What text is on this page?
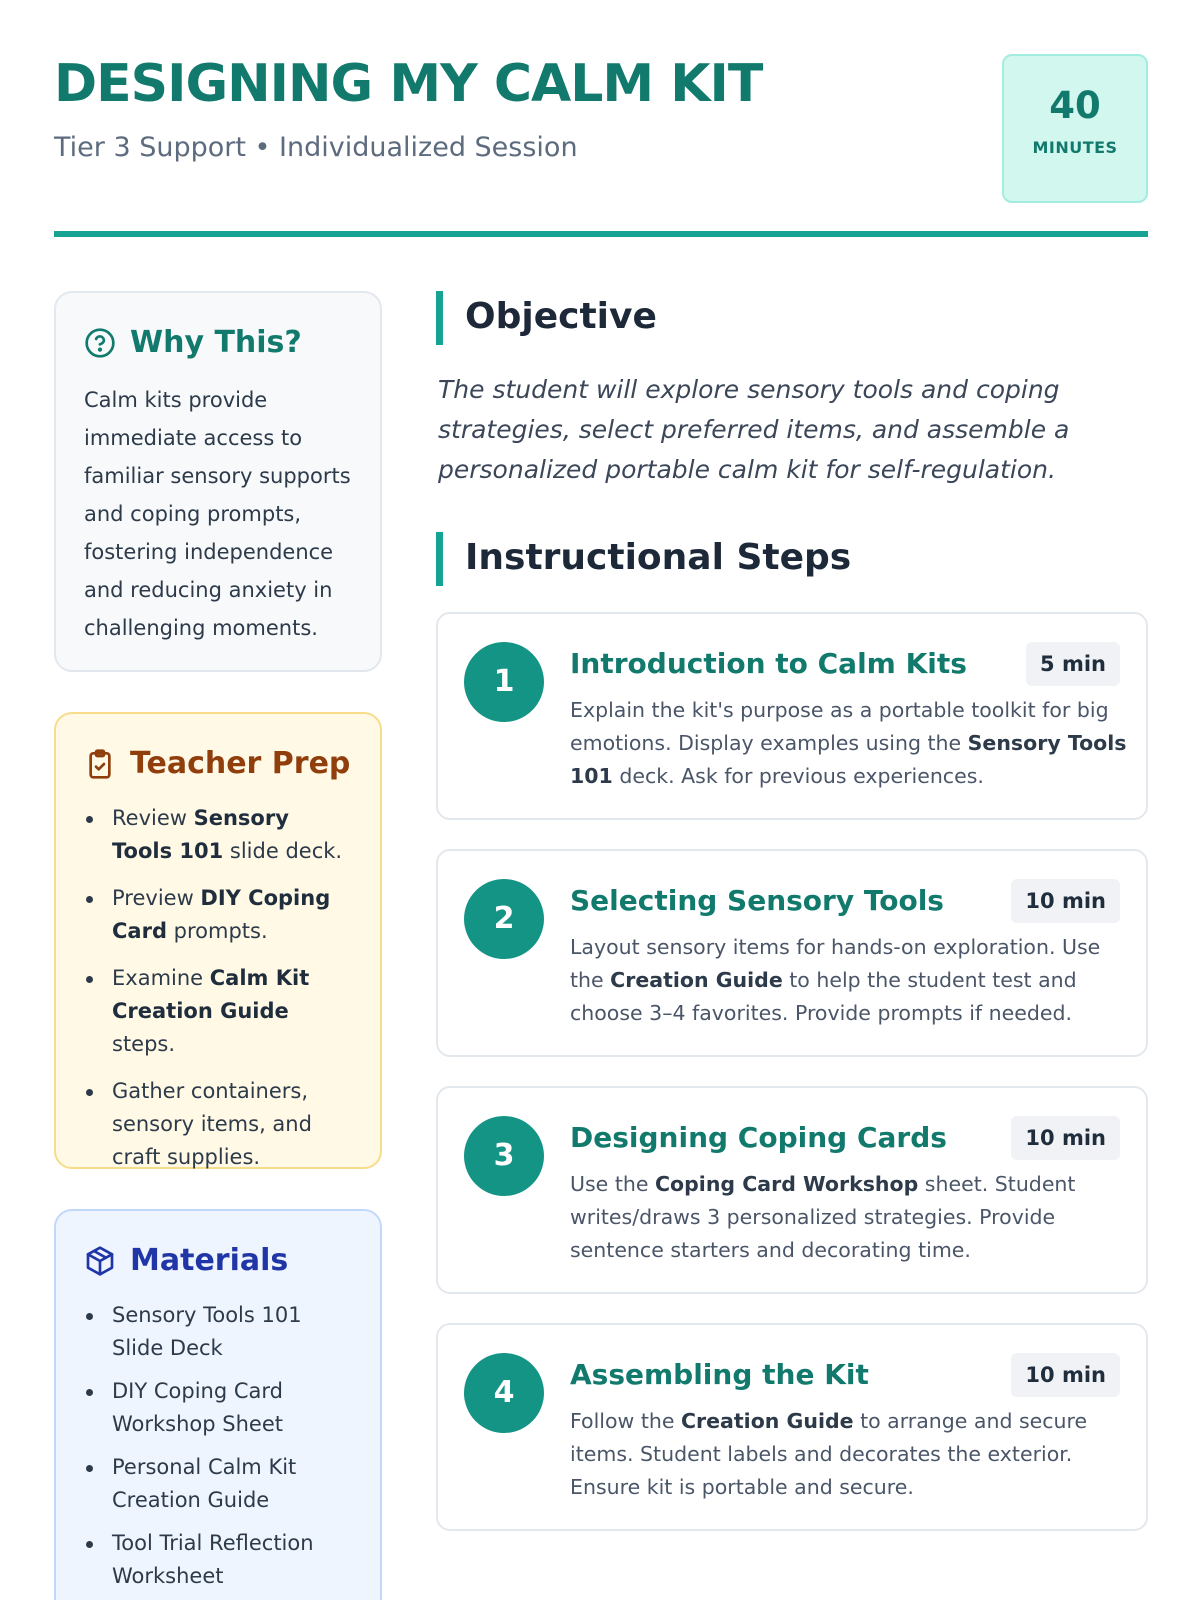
DESIGNING MY CALM KIT
Tier 3 Support • Individualized Session
40
MINUTES
Why This?
Calm kits provide immediate access to familiar sensory supports and coping prompts, fostering independence and reducing anxiety in challenging moments.
Teacher Prep
Review Sensory Tools 101 slide deck.
Preview DIY Coping Card prompts.
Examine Calm Kit Creation Guide steps.
Gather containers, sensory items, and craft supplies.
Materials
Sensory Tools 101 Slide Deck
DIY Coping Card Workshop Sheet
Personal Calm Kit Creation Guide
Tool Trial Reflection Worksheet
Objective
The student will explore sensory tools and coping strategies, select preferred items, and assemble a personalized portable calm kit for self-regulation.
Instructional Steps
1
Introduction to Calm Kits	5 min
Explain the kit's purpose as a portable toolkit for big emotions. Display examples using the Sensory Tools 101 deck. Ask for previous experiences.
2
Selecting Sensory Tools	10 min
Layout sensory items for hands-on exploration. Use the Creation Guide to help the student test and choose 3–4 favorites. Provide prompts if needed.
3
Designing Coping Cards	10 min
Use the Coping Card Workshop sheet. Student writes/draws 3 personalized strategies. Provide sentence starters and decorating time.
4
Assembling the Kit	10 min
Follow the Creation Guide to arrange and secure items. Student labels and decorates the exterior. Ensure kit is portable and secure.
